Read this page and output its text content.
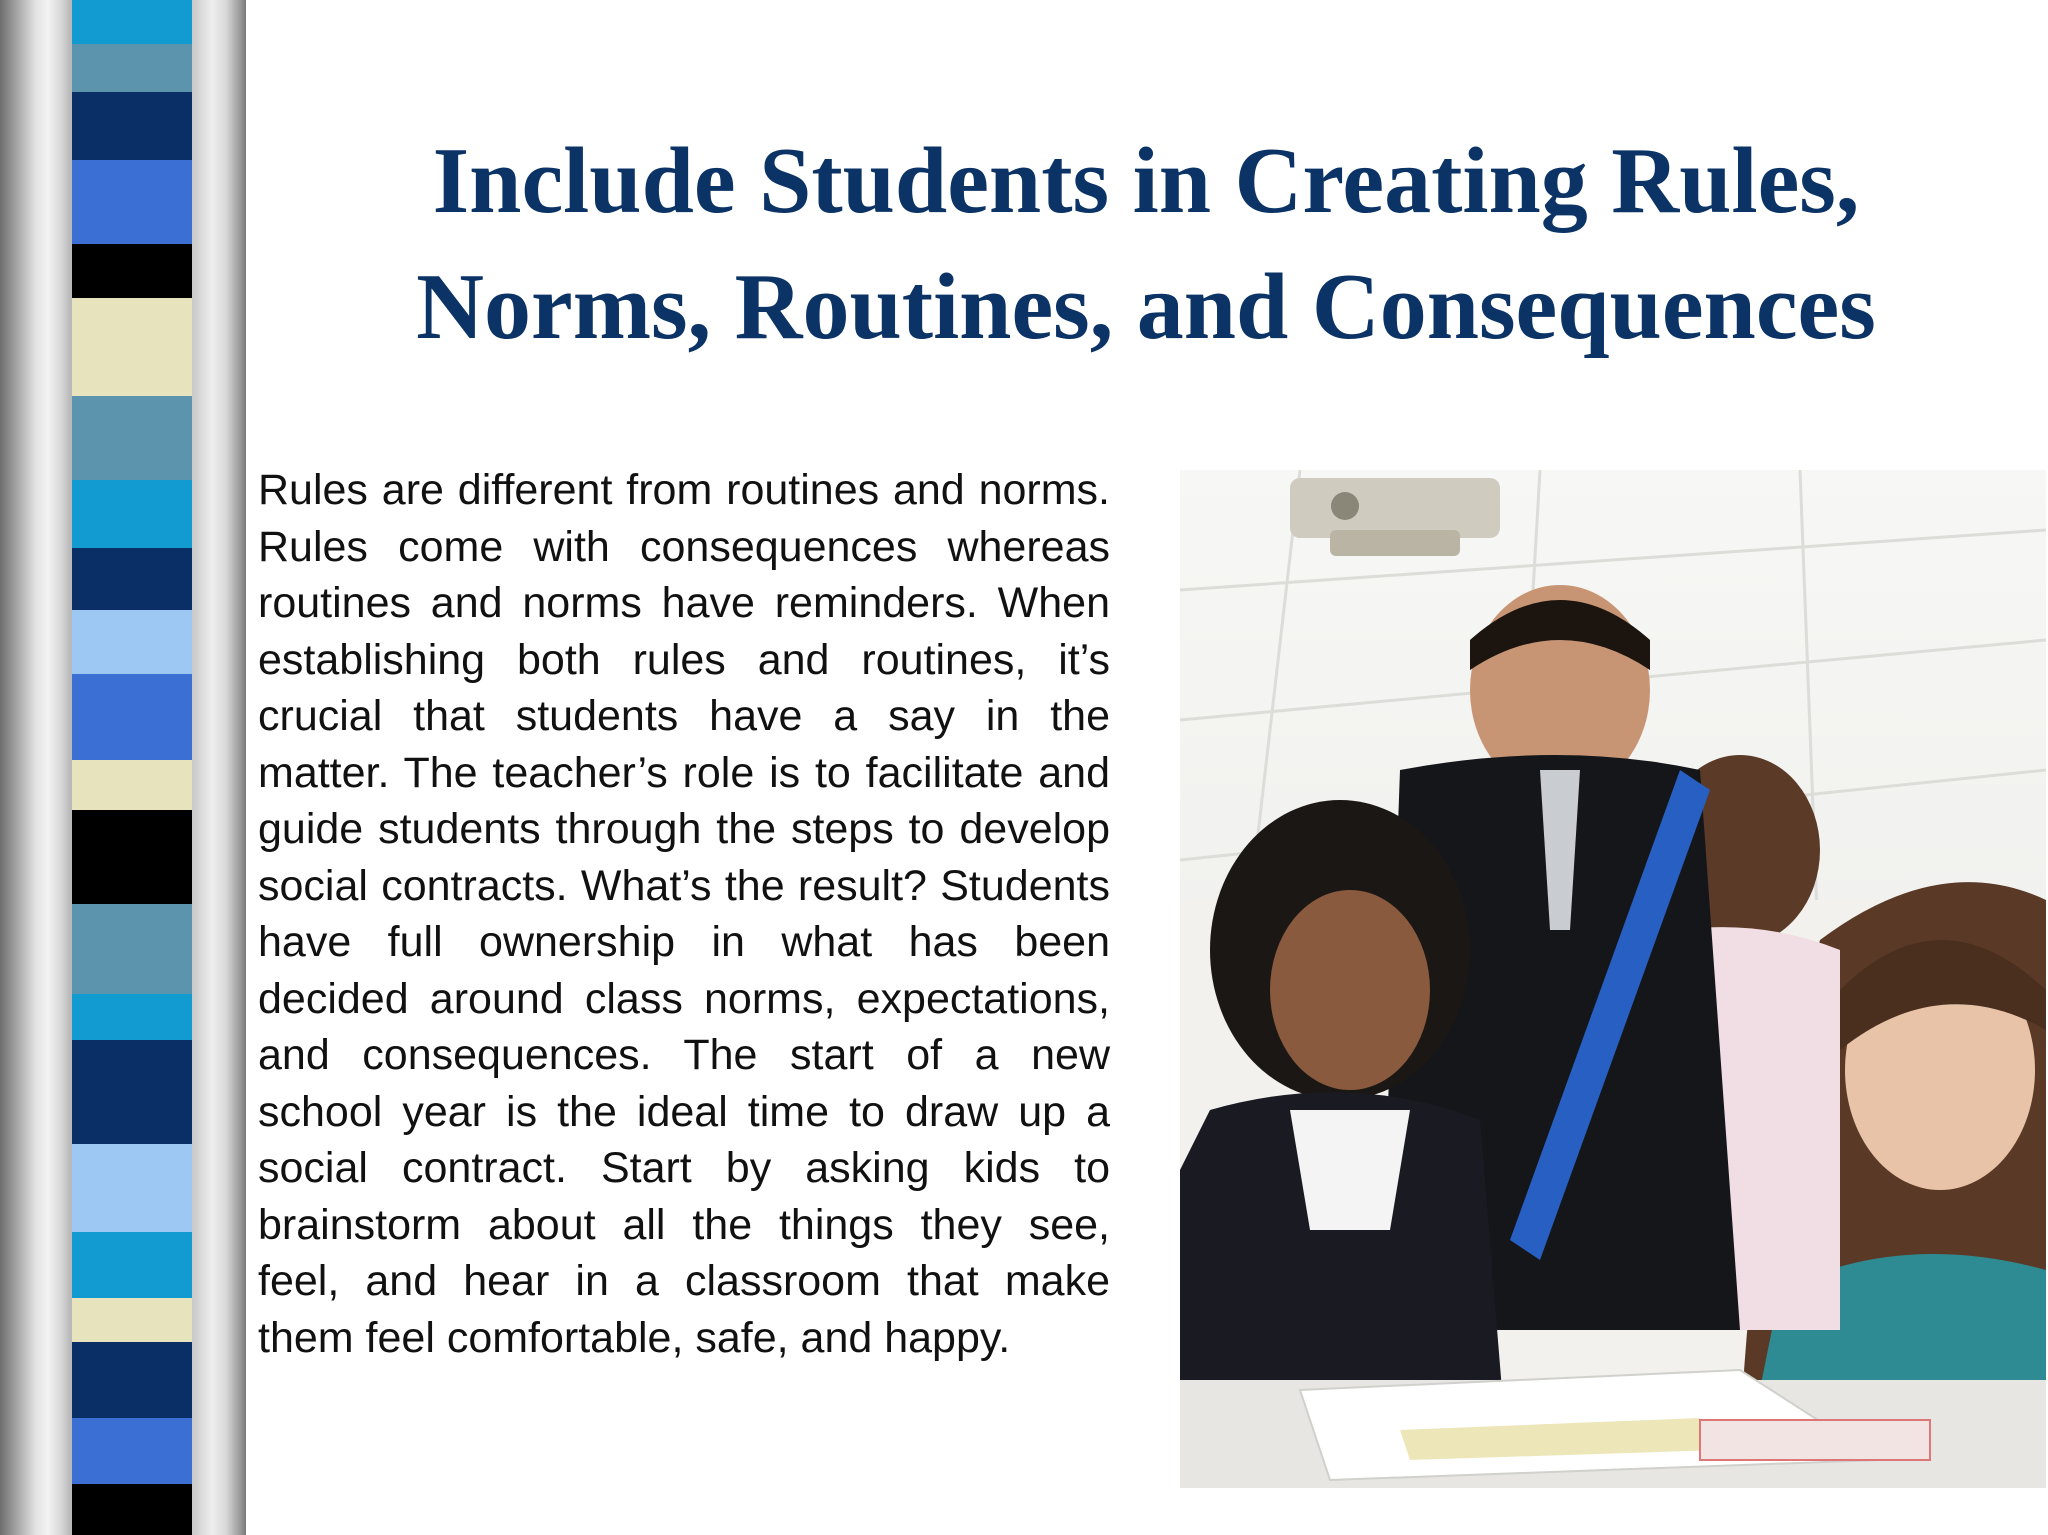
Include Students in Creating Rules,
Norms, Routines, and Consequences

Rules are different from routines and norms. Rules come with consequences whereas routines and norms have reminders. When establishing both rules and routines, it’s crucial that students have a say in the matter. The teacher’s role is to facilitate and guide students through the steps to develop social contracts. What’s the result? Students have full ownership in what has been decided around class norms, expectations, and consequences. The start of a new school year is the ideal time to draw up a social contract. Start by asking kids to brainstorm about all the things they see, feel, and hear in a classroom that make them feel comfortable, safe, and happy.
